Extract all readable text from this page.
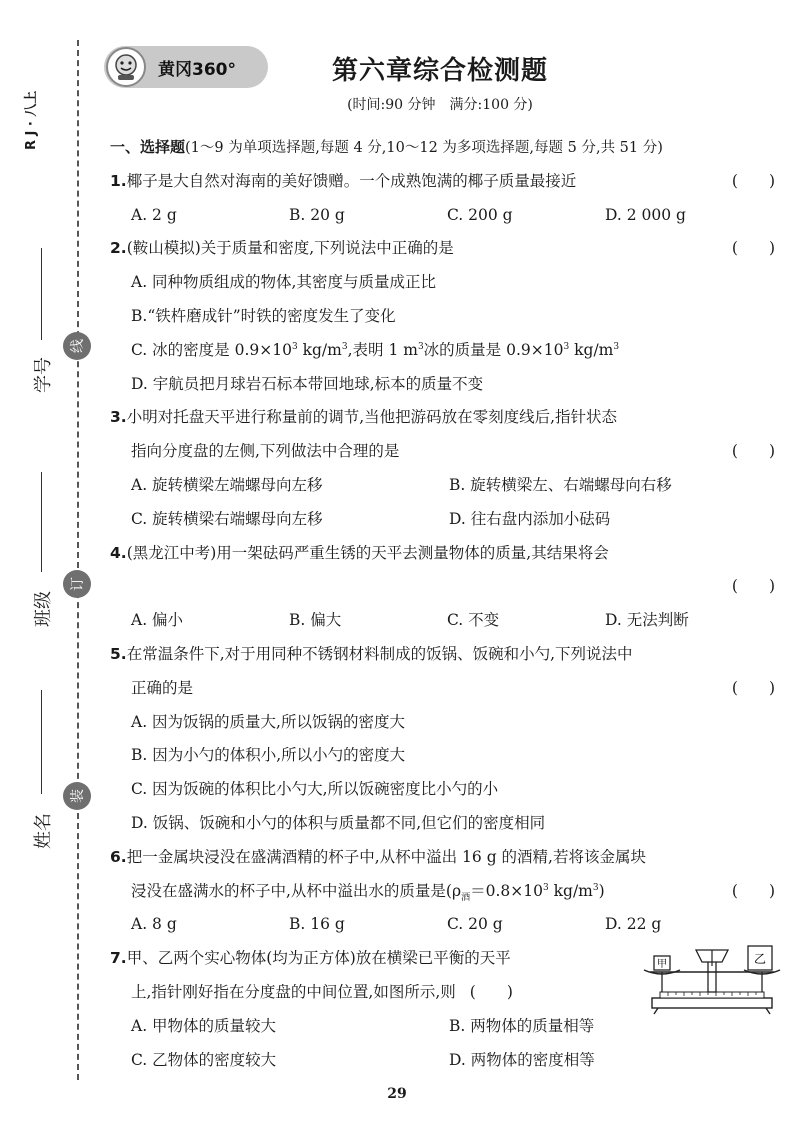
R J · 八上
学号
班级
姓名
线
订
装
黄冈360°	第六章综合检测题
(时间:90 分钟　满分:100 分)
一、选择题(1～9 为单项选择题,每题 4 分,10～12 为多项选择题,每题 5 分,共 51 分)
1.椰子是大自然对海南的美好馈赠。一个成熟饱满的椰子质量最接近	(　　)
A. 2 g	B. 20 g	C. 200 g	D. 2 000 g
2.(鞍山模拟)关于质量和密度,下列说法中正确的是	(　　)
A. 同种物质组成的物体,其密度与质量成正比
B.“铁杵磨成针”时铁的密度发生了变化
C. 冰的密度是 $0.9\times 10^3$ $kg/m^3$,表明 1 $m^3$冰的质量是 $0.9\times 10^3$ $kg/m^3$
D. 宇航员把月球岩石标本带回地球,标本的质量不变
3.小明对托盘天平进行称量前的调节,当他把游码放在零刻度线后,指针状态
指向分度盘的左侧,下列做法中合理的是	(　　)
A. 旋转横梁左端螺母向左移	B. 旋转横梁左、右端螺母向右移
C. 旋转横梁右端螺母向左移	D. 往右盘内添加小砝码
4.(黑龙江中考)用一架砝码严重生锈的天平去测量物体的质量,其结果将会
(　　)
A. 偏小	B. 偏大	C. 不变	D. 无法判断
5.在常温条件下,对于用同种不锈钢材料制成的饭锅、饭碗和小勺,下列说法中
正确的是	(　　)
A. 因为饭锅的质量大,所以饭锅的密度大
B. 因为小勺的体积小,所以小勺的密度大
C. 因为饭碗的体积比小勺大,所以饭碗密度比小勺的小
D. 饭锅、饭碗和小勺的体积与质量都不同,但它们的密度相同
6.把一金属块浸没在盛满酒精的杯子中,从杯中溢出 16 g 的酒精,若将该金属块
浸没在盛满水的杯子中,从杯中溢出水的质量是($\rho_酒=0.8\times 10^3$ $kg/m^3$)	(　　)
A. 8 g	B. 16 g	C. 20 g	D. 22 g
7.甲、乙两个实心物体(均为正方体)放在横梁已平衡的天平
上,指针刚好指在分度盘的中间位置,如图所示,则 (　　)
A. 甲物体的质量较大	B. 两物体的质量相等
C. 乙物体的密度较大	D. 两物体的密度相等
甲	乙
29
